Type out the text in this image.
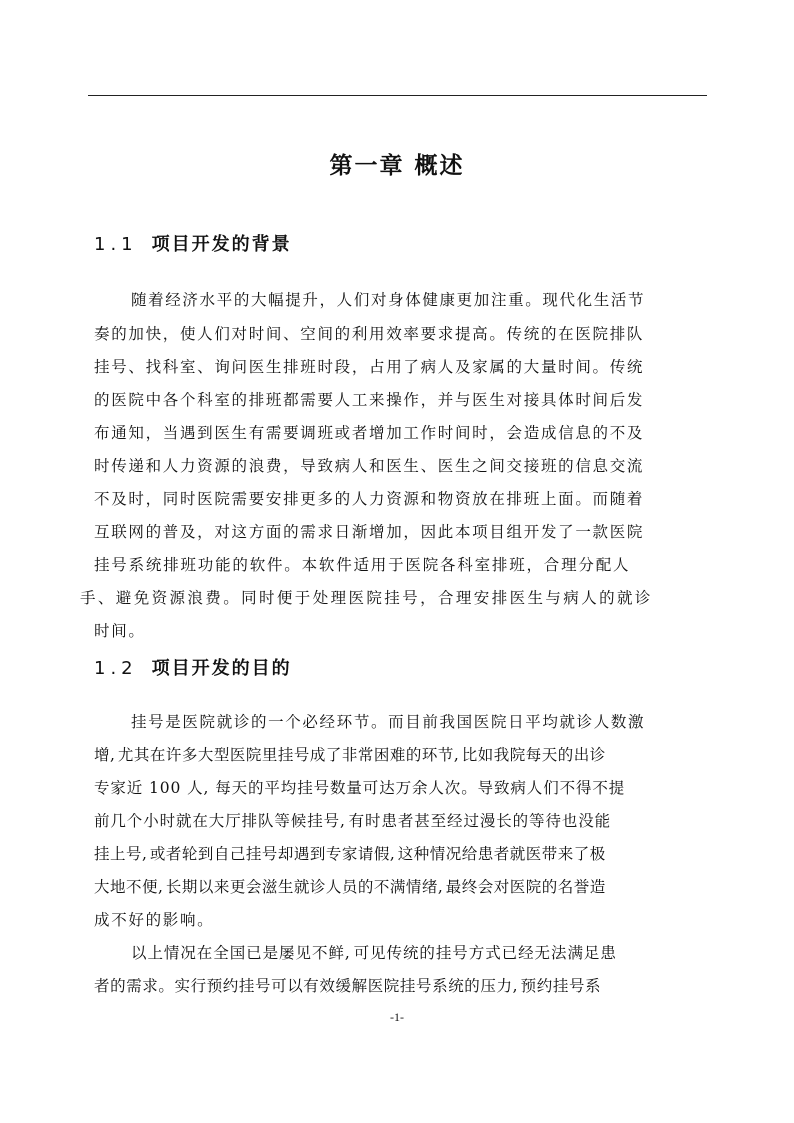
第一章 概述
1.1 项目开发的背景

随着经济水平的大幅提升，人们对身体健康更加注重。现代化生活节

奏的加快，使人们对时间、空间的利用效率要求提高。传统的在医院排队

挂号、找科室、询问医生排班时段，占用了病人及家属的大量时间。传统

的医院中各个科室的排班都需要人工来操作，并与医生对接具体时间后发

布通知，当遇到医生有需要调班或者增加工作时间时，会造成信息的不及

时传递和人力资源的浪费，导致病人和医生、医生之间交接班的信息交流

不及时，同时医院需要安排更多的人力资源和物资放在排班上面。而随着

互联网的普及，对这方面的需求日渐增加，因此本项目组开发了一款医院

挂号系统排班功能的软件。本软件适用于医院各科室排班，合理分配人

手、避免资源浪费。同时便于处理医院挂号，合理安排医生与病人的就诊

时间。

1.2 项目开发的目的

挂号是医院就诊的一个必经环节。而目前我国医院日平均就诊人数激

增, 尤其在许多大型医院里挂号成了非常困难的环节, 比如我院每天的出诊

专家近 100 人, 每天的平均挂号数量可达万余人次。导致病人们不得不提

前几个小时就在大厅排队等候挂号, 有时患者甚至经过漫长的等待也没能

挂上号, 或者轮到自己挂号却遇到专家请假, 这种情况给患者就医带来了极

大地不便, 长期以来更会滋生就诊人员的不满情绪, 最终会对医院的名誉造

成不好的影响。

以上情况在全国已是屡见不鲜, 可见传统的挂号方式已经无法满足患

者的需求。实行预约挂号可以有效缓解医院挂号系统的压力, 预约挂号系

-1-
